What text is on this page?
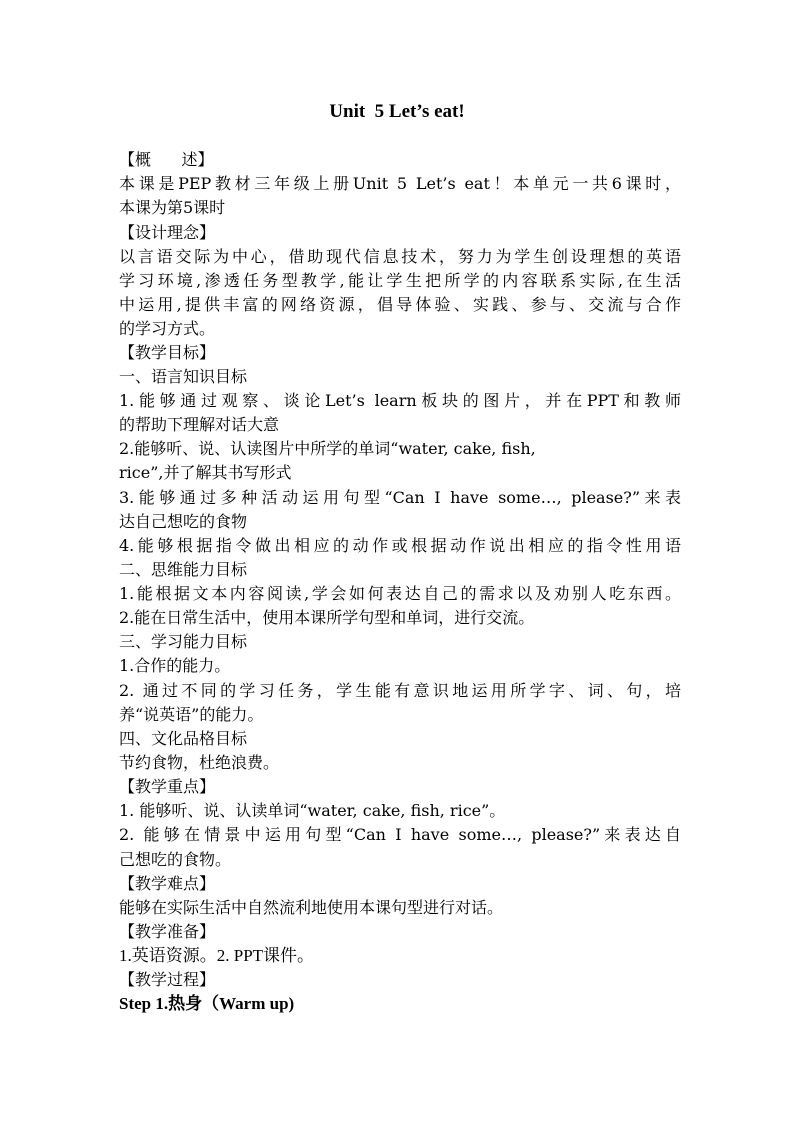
Unit  5 Let’s eat!
【概      述】
本课是PEP教材三年级上册Unit 5 Let’s eat！本单元一共6课时，
本课为第5课时
【设计理念】
以言语交际为中心，借助现代信息技术，努力为学生创设理想的英语
学习环境,渗透任务型教学,能让学生把所学的内容联系实际,在生活
中运用,提供丰富的网络资源，倡导体验、实践、参与、交流与合作
的学习方式。
【教学目标】
一、语言知识目标
1.能够通过观察、谈论Let’s learn板块的图片，并在PPT和教师
的帮助下理解对话大意
2.能够听、说、认读图片中所学的单词“water, cake, fish,
rice”,并了解其书写形式
3.能够通过多种活动运用句型“Can I have some…, please?”来表
达自己想吃的食物
4.能够根据指令做出相应的动作或根据动作说出相应的指令性用语
二、思维能力目标
1.能根据文本内容阅读,学会如何表达自己的需求以及劝别人吃东西。
2.能在日常生活中，使用本课所学句型和单词，进行交流。
三、学习能力目标
1.合作的能力。
2. 通过不同的学习任务，学生能有意识地运用所学字、词、句，培
养“说英语”的能力。
四、文化品格目标
节约食物，杜绝浪费。
【教学重点】
1. 能够听、说、认读单词“water, cake, fish, rice”。
2. 能够在情景中运用句型“Can I have some…, please?”来表达自
己想吃的食物。
【教学难点】
能够在实际生活中自然流利地使用本课句型进行对话。
【教学准备】
1.英语资源。2. PPT课件。
【教学过程】
Step 1.热身（Warm up)
